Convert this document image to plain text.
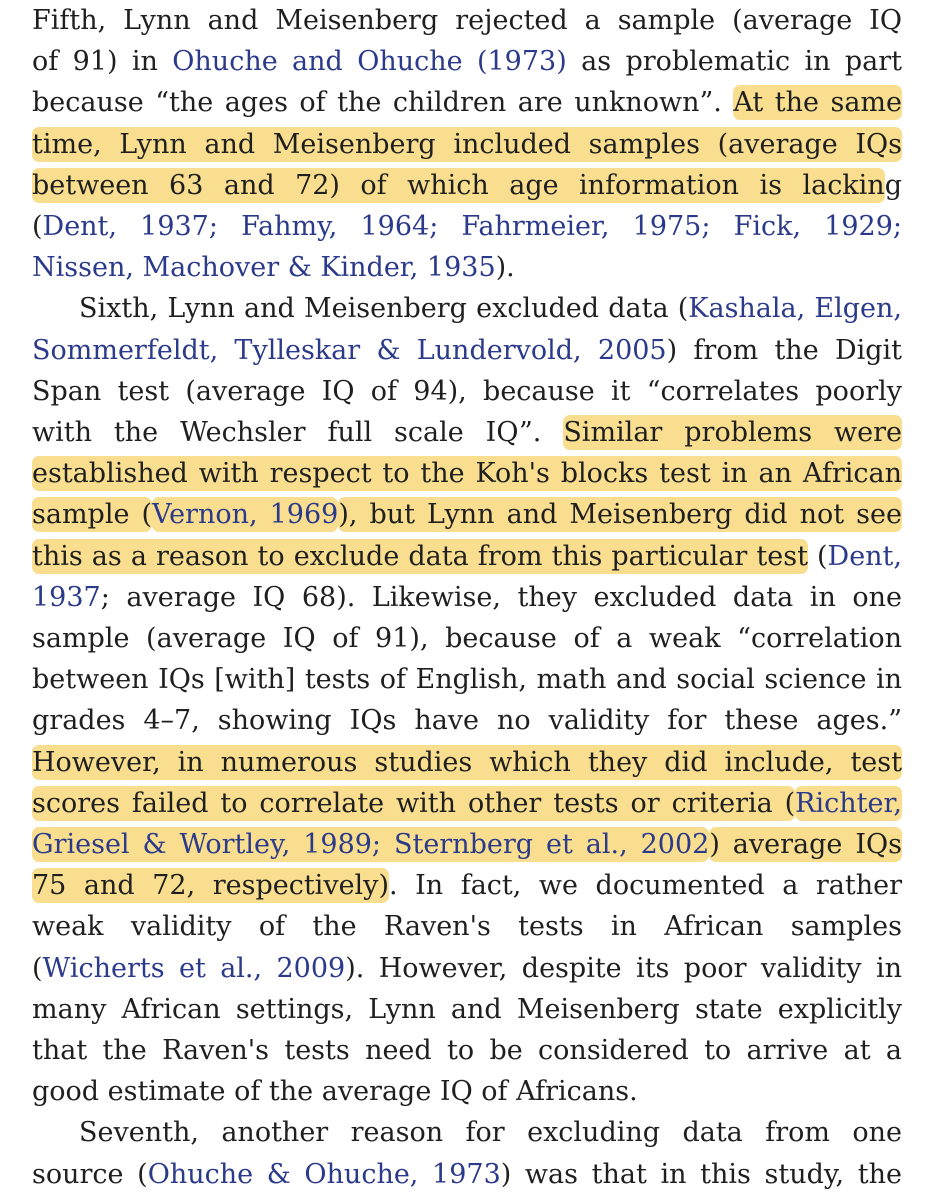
Fifth, Lynn and Meisenberg rejected a sample (average IQ
of 91) in Ohuche and Ohuche (1973) as problematic in part
because “the ages of the children are unknown”. At the same
time, Lynn and Meisenberg included samples (average IQs
between 63 and 72) of which age information is lacking
(Dent, 1937; Fahmy, 1964; Fahrmeier, 1975; Fick, 1929;
Nissen, Machover & Kinder, 1935).
Sixth, Lynn and Meisenberg excluded data (Kashala, Elgen,
Sommerfeldt, Tylleskar & Lundervold, 2005) from the Digit
Span test (average IQ of 94), because it “correlates poorly
with the Wechsler full scale IQ”. Similar problems were
established with respect to the Koh's blocks test in an African
sample (Vernon, 1969), but Lynn and Meisenberg did not see
this as a reason to exclude data from this particular test (Dent,
1937; average IQ 68). Likewise, they excluded data in one
sample (average IQ of 91), because of a weak “correlation
between IQs [with] tests of English, math and social science in
grades 4–7, showing IQs have no validity for these ages.”
However, in numerous studies which they did include, test
scores failed to correlate with other tests or criteria (Richter,
Griesel & Wortley, 1989; Sternberg et al., 2002) average IQs
75 and 72, respectively). In fact, we documented a rather
weak validity of the Raven's tests in African samples
(Wicherts et al., 2009). However, despite its poor validity in
many African settings, Lynn and Meisenberg state explicitly
that the Raven's tests need to be considered to arrive at a
good estimate of the average IQ of Africans.
Seventh, another reason for excluding data from one
source (Ohuche & Ohuche, 1973) was that in this study, the
